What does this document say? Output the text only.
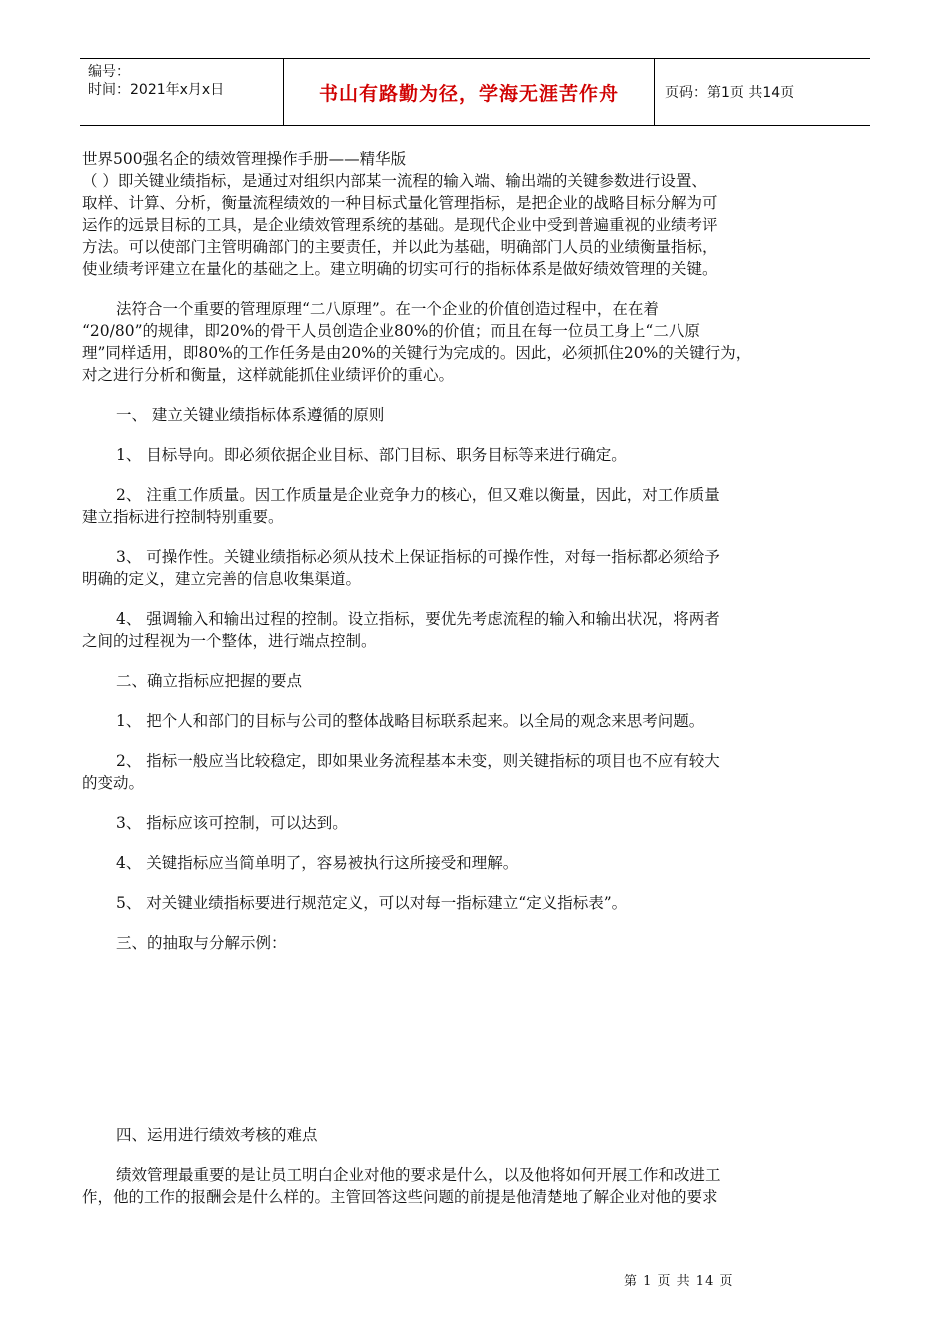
编号：
时间：2021年x月x日	书山有路勤为径，学海无涯苦作舟	页码：第1页 共14页
世界500强名企的绩效管理操作手册——精华版
（ ）即关键业绩指标，是通过对组织内部某一流程的输入端、输出端的关键参数进行设置、
取样、计算、分析，衡量流程绩效的一种目标式量化管理指标，是把企业的战略目标分解为可
运作的远景目标的工具，是企业绩效管理系统的基础。是现代企业中受到普遍重视的业绩考评
方法。可以使部门主管明确部门的主要责任，并以此为基础，明确部门人员的业绩衡量指标，
使业绩考评建立在量化的基础之上。建立明确的切实可行的指标体系是做好绩效管理的关键。
法符合一个重要的管理原理“二八原理”。在一个企业的价值创造过程中，在在着
“20/80”的规律，即20%的骨干人员创造企业80%的价值；而且在每一位员工身上“二八原
理”同样适用，即80%的工作任务是由20%的关键行为完成的。因此，必须抓住20%的关键行为，
对之进行分析和衡量，这样就能抓住业绩评价的重心。
一、 建立关键业绩指标体系遵循的原则
1、 目标导向。即必须依据企业目标、部门目标、职务目标等来进行确定。
2、 注重工作质量。因工作质量是企业竞争力的核心，但又难以衡量，因此，对工作质量
建立指标进行控制特别重要。
3、 可操作性。关键业绩指标必须从技术上保证指标的可操作性，对每一指标都必须给予
明确的定义，建立完善的信息收集渠道。
4、 强调输入和输出过程的控制。设立指标，要优先考虑流程的输入和输出状况，将两者
之间的过程视为一个整体，进行端点控制。
二、确立指标应把握的要点
1、 把个人和部门的目标与公司的整体战略目标联系起来。以全局的观念来思考问题。
2、 指标一般应当比较稳定，即如果业务流程基本未变，则关键指标的项目也不应有较大
的变动。
3、 指标应该可控制，可以达到。
4、 关键指标应当简单明了，容易被执行这所接受和理解。
5、 对关键业绩指标要进行规范定义，可以对每一指标建立“定义指标表”。
三、的抽取与分解示例：
四、运用进行绩效考核的难点
绩效管理最重要的是让员工明白企业对他的要求是什么，以及他将如何开展工作和改进工
作，他的工作的报酬会是什么样的。主管回答这些问题的前提是他清楚地了解企业对他的要求
第 1 页 共 14 页
